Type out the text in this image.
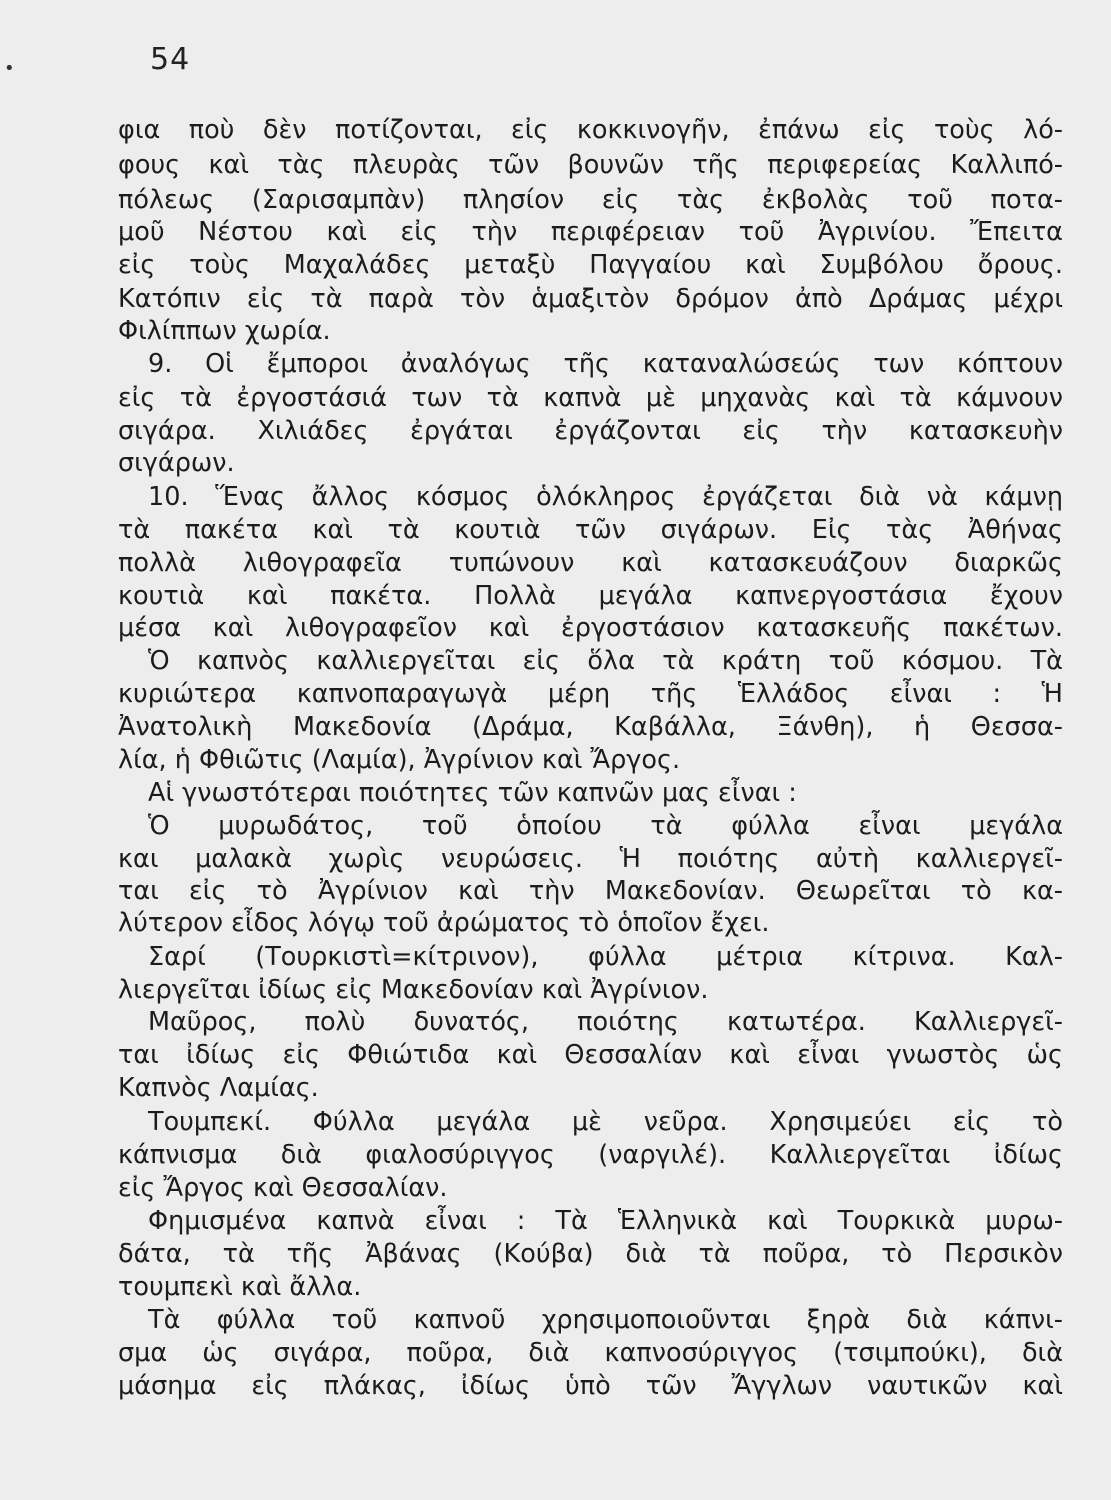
•	54
φια ποὺ δὲν ποτίζονται, εἰς κοκκινογῆν, ἐπάνω εἰς τοὺς λό-
φους καὶ τὰς πλευρὰς τῶν βουνῶν τῆς περιφερείας Καλλιπό-
πόλεως (Σαρισαμπὰν) πλησίον εἰς τὰς ἐκβολὰς τοῦ ποτα-
μοῦ Νέστου καὶ εἰς τὴν περιφέρειαν τοῦ Ἀγρινίου. Ἔπειτα
εἰς τοὺς Μαχαλάδες μεταξὺ Παγγαίου καὶ Συμβόλου ὄρους.
Κατόπιν εἰς τὰ παρὰ τὸν ἁμαξιτὸν δρόμον ἀπὸ Δράμας μέχρι
Φιλίππων χωρία.
9. Οἱ ἔμποροι ἀναλόγως τῆς καταναλώσεώς των κόπτουν
εἰς τὰ ἐργοστάσιά των τὰ καπνὰ μὲ μηχανὰς καὶ τὰ κάμνουν
σιγάρα. Χιλιάδες ἐργάται ἐργάζονται εἰς τὴν κατασκευὴν
σιγάρων.
10. Ἕνας ἄλλος κόσμος ὁλόκληρος ἐργάζεται διὰ νὰ κάμνῃ
τὰ πακέτα καὶ τὰ κουτιὰ τῶν σιγάρων. Εἰς τὰς Ἀθήνας
πολλὰ λιθογραφεῖα τυπώνουν καὶ κατασκευάζουν διαρκῶς
κουτιὰ καὶ πακέτα. Πολλὰ μεγάλα καπνεργοστάσια ἔχουν
μέσα καὶ λιθογραφεῖον καὶ ἐργοστάσιον κατασκευῆς πακέτων.
Ὁ καπνὸς καλλιεργεῖται εἰς ὅλα τὰ κράτη τοῦ κόσμου. Τὰ
κυριώτερα καπνοπαραγωγὰ μέρη τῆς Ἑλλάδος εἶναι : Ἡ
Ἀνατολικὴ Μακεδονία (Δράμα, Καβάλλα, Ξάνθη), ἡ Θεσσα-
λία, ἡ Φθιῶτις (Λαμία), Ἀγρίνιον καὶ Ἄργος.
Αἱ γνωστότεραι ποιότητες τῶν καπνῶν μας εἶναι :
Ὁ μυρωδάτος, τοῦ ὁποίου τὰ φύλλα εἶναι μεγάλα
και μαλακὰ χωρὶς νευρώσεις. Ἡ ποιότης αὐτὴ καλλιεργεῖ-
ται εἰς τὸ Ἀγρίνιον καὶ τὴν Μακεδονίαν. Θεωρεῖται τὸ κα-
λύτερον εἶδος λόγῳ τοῦ ἀρώματος τὸ ὁποῖον ἔχει.
Σαρί (Τουρκιστὶ=κίτρινον), φύλλα μέτρια κίτρινα. Καλ-
λιεργεῖται ἰδίως εἰς Μακεδονίαν καὶ Ἀγρίνιον.
Μαῦρος, πολὺ δυνατός, ποιότης κατωτέρα. Καλλιεργεῖ-
ται ἰδίως εἰς Φθιώτιδα καὶ Θεσσαλίαν καὶ εἶναι γνωστὸς ὡς
Καπνὸς Λαμίας.
Τουμπεκί. Φύλλα μεγάλα μὲ νεῦρα. Χρησιμεύει εἰς τὸ
κάπνισμα διὰ φιαλοσύριγγος (ναργιλέ). Καλλιεργεῖται ἰδίως
εἰς Ἄργος καὶ Θεσσαλίαν.
Φημισμένα καπνὰ εἶναι : Τὰ Ἑλληνικὰ καὶ Τουρκικὰ μυρω-
δάτα, τὰ τῆς Ἀβάνας (Κούβα) διὰ τὰ ποῦρα, τὸ Περσικὸν
τουμπεκὶ καὶ ἄλλα.
Τὰ φύλλα τοῦ καπνοῦ χρησιμοποιοῦνται ξηρὰ διὰ κάπνι-
σμα ὡς σιγάρα, ποῦρα, διὰ καπνοσύριγγος (τσιμπούκι), διὰ
μάσημα εἰς πλάκας, ἰδίως ὑπὸ τῶν Ἄγγλων ναυτικῶν καὶ
